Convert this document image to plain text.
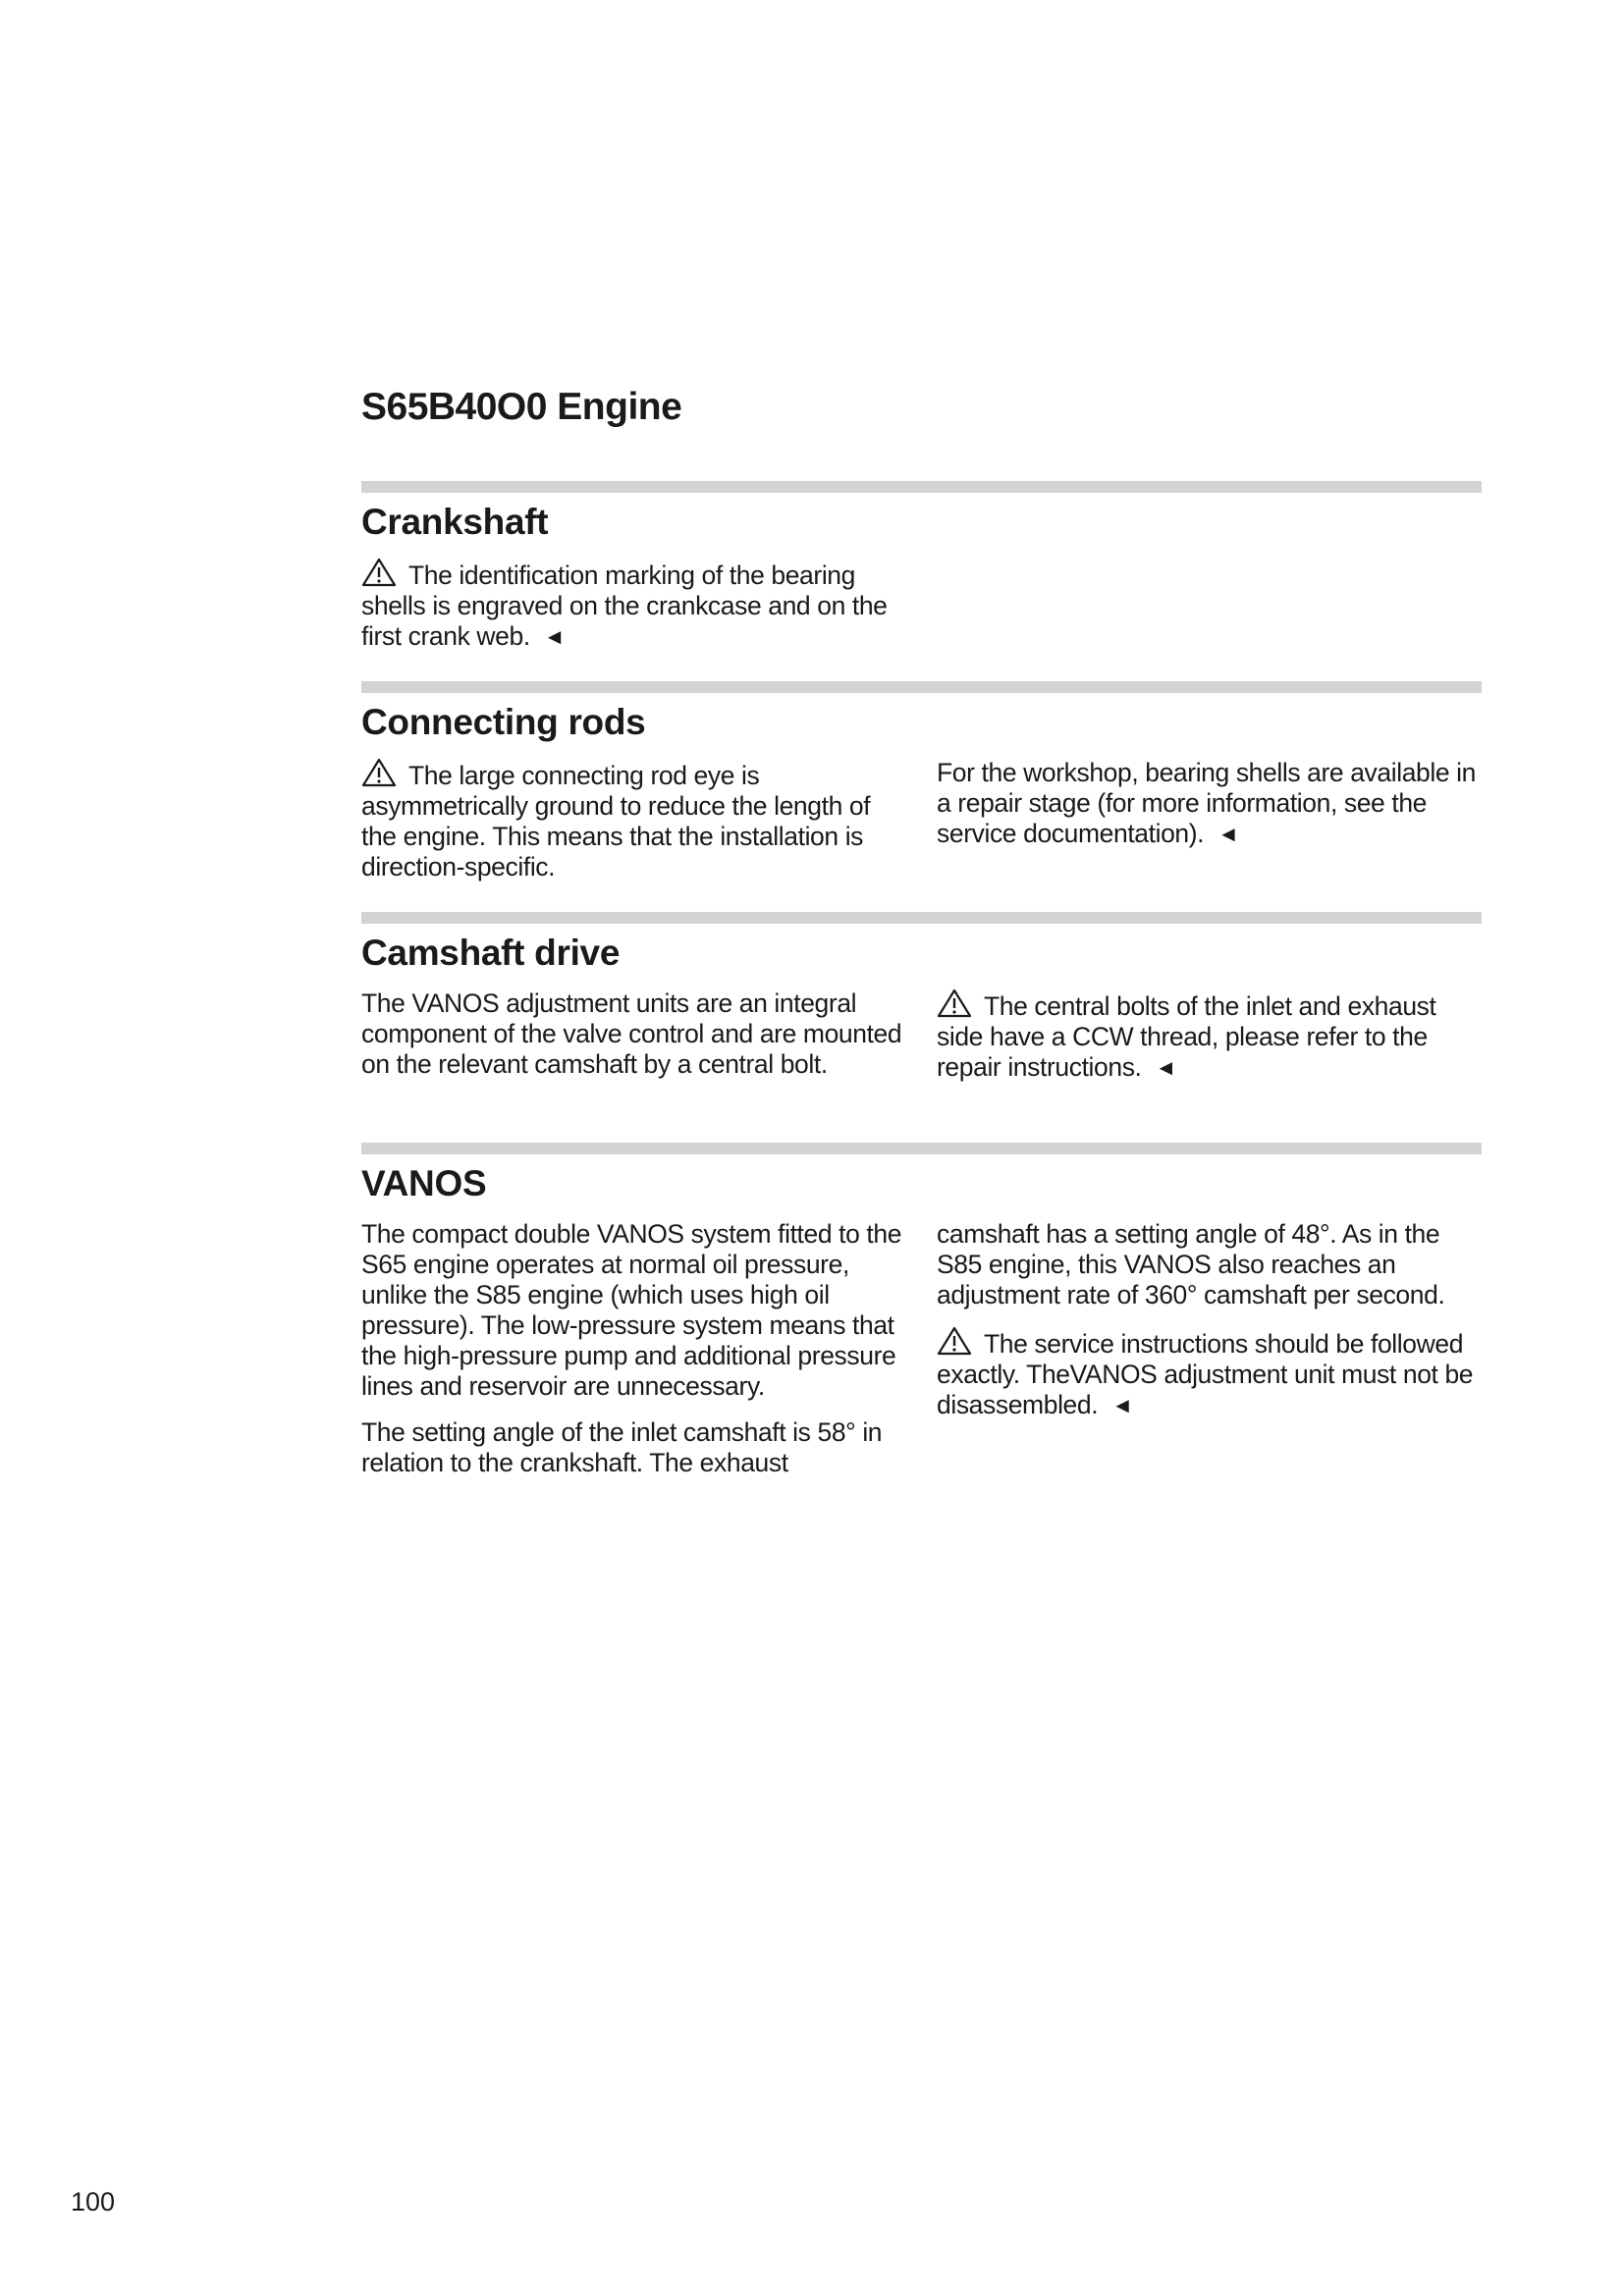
S65B40O0 Engine
Crankshaft

The identification marking of the bearing shells is engraved on the crankcase and on the first crank web. ◄

Connecting rods

The large connecting rod eye is asymmetrically ground to reduce the length of the engine. This means that the installation is direction-specific.

For the workshop, bearing shells are available in a repair stage (for more information, see the service documentation). ◄

Camshaft drive

The VANOS adjustment units are an integral component of the valve control and are mounted on the relevant camshaft by a central bolt.

The central bolts of the inlet and exhaust side have a CCW thread, please refer to the repair instructions. ◄

VANOS

The compact double VANOS system fitted to the S65 engine operates at normal oil pressure, unlike the S85 engine (which uses high oil pressure). The low-pressure system means that the high-pressure pump and additional pressure lines and reservoir are unnecessary.

The setting angle of the inlet camshaft is 58° in relation to the crankshaft. The exhaust

camshaft has a setting angle of 48°. As in the S85 engine, this VANOS also reaches an adjustment rate of 360° camshaft per second.

The service instructions should be followed exactly. TheVANOS adjustment unit must not be disassembled. ◄

100
